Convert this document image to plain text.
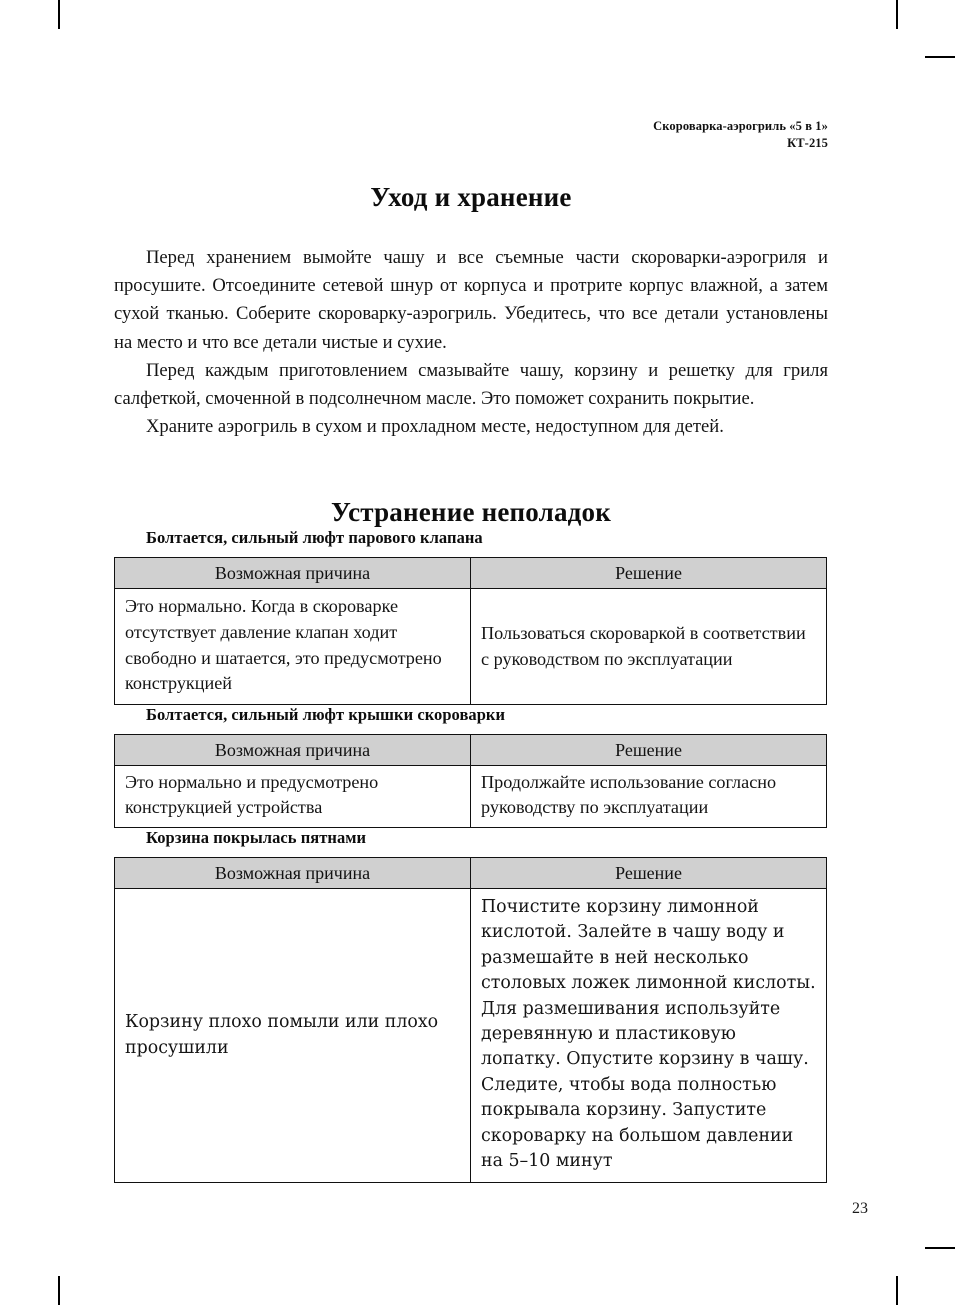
Скороварка-аэрогриль «5 в 1»
КТ-215
Уход и хранение

Перед хранением вымойте чашу и все съемные части скороварки-аэрогриля и просушите. Отсоедините сетевой шнур от корпуса и протрите корпус влажной, а затем сухой тканью. Соберите скороварку-аэрогриль. Убедитесь, что все детали установлены на место и что все детали чистые и сухие.

Перед каждым приготовлением смазывайте чашу, корзину и решетку для гриля салфеткой, смоченной в подсолнечном масле. Это поможет сохранить покрытие.

Храните аэрогриль в сухом и прохладном месте, недоступном для детей.

Устранение неполадок
Болтается, сильный люфт парового клапана
Возможная причина	Решение

Это нормально. Когда в скороварке отсутствует давление клапан ходит свободно и шатается, это предусмотрено конструкцией	Пользоваться скороваркой в соответствии с руководством по эксплуатации
Болтается, сильный люфт крышки скороварки
Возможная причина	Решение

Это нормально и предусмотрено конструкцией устройства	Продолжайте использование согласно руководству по эксплуатации
Корзина покрылась пятнами
Возможная причина	Решение

Корзину плохо помыли или плохо просушили	Почистите корзину лимонной кислотой. Залейте в чашу воду и размешайте в ней несколько столовых ложек лимонной кислоты. Для размешивания используйте деревянную и пластиковую лопатку. Опустите корзину в чашу. Следите, чтобы вода полностью покрывала корзину. Запустите скороварку на большом давлении на 5–10 минут
23
